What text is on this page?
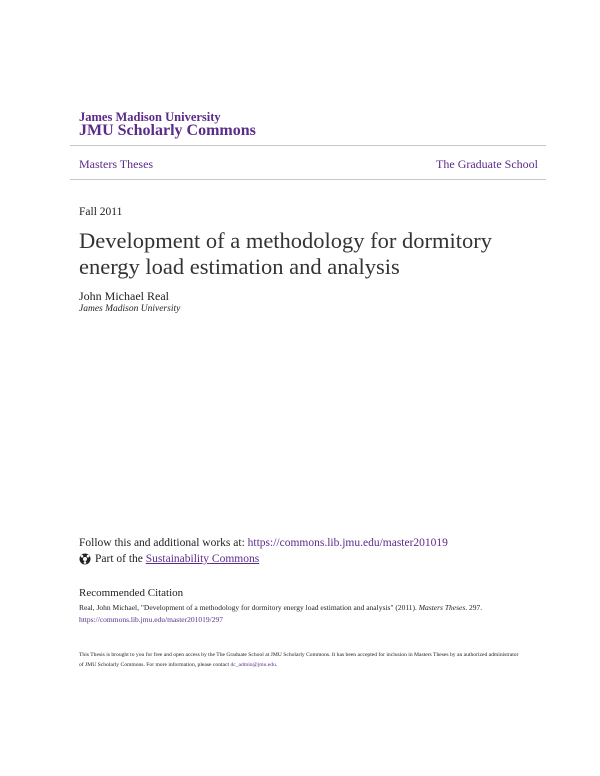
James Madison University
JMU Scholarly Commons
Masters Theses	The Graduate School
Fall 2011
Development of a methodology for dormitory energy load estimation and analysis
John Michael Real
James Madison University
Follow this and additional works at: https://commons.lib.jmu.edu/master201019
Part of the
Sustainability Commons
Recommended Citation
Real, John Michael, "Development of a methodology for dormitory energy load estimation and analysis" (2011). Masters Theses. 297.
https://commons.lib.jmu.edu/master201019/297
This Thesis is brought to you for free and open access by the The Graduate School at JMU Scholarly Commons. It has been accepted for inclusion in Masters Theses by an authorized administrator of JMU Scholarly Commons. For more information, please contact dc_admin@jmu.edu.
